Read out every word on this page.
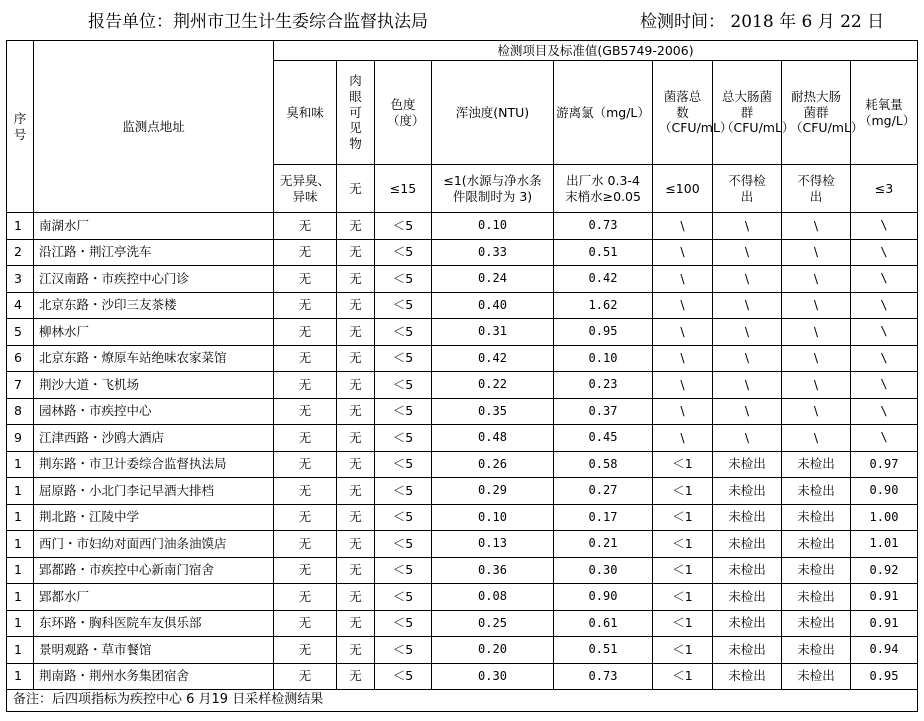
报告单位：荆州市卫生计生委综合监督执法局	检测时间： 2018 年 6 月 22 日
序号	监测点地址	检测项目及标准值(GB5749-2006)								
		臭和味	肉眼可见物	色度（度）	浑浊度(NTU)	游离氯（mg/L）	菌落总数（CFU/mL）	总大肠菌群（CFU/mL）	耐热大肠菌群（CFU/mL）	耗氧量（mg/L）
		无异臭、异味	无	≤15	≤1(水源与净水条件限制时为 3)	出厂水 0.3-4 末梢水≥0.05	≤100	不得检出	不得检出	≤3
1	南湖水厂	无	无	＜5	0.10	0.73	\	\	\	\
2	沿江路・荆江亭洗车	无	无	＜5	0.33	0.51	\	\	\	\
3	江汉南路・市疾控中心门诊	无	无	＜5	0.24	0.42	\	\	\	\
4	北京东路・沙印三友茶楼	无	无	＜5	0.40	1.62	\	\	\	\
5	柳林水厂	无	无	＜5	0.31	0.95	\	\	\	\
6	北京东路・燎原车站绝味农家菜馆	无	无	＜5	0.42	0.10	\	\	\	\
7	荆沙大道・飞机场	无	无	＜5	0.22	0.23	\	\	\	\
8	园林路・市疾控中心	无	无	＜5	0.35	0.37	\	\	\	\
9	江津西路・沙鸥大酒店	无	无	＜5	0.48	0.45	\	\	\	\
1	荆东路・市卫计委综合监督执法局	无	无	＜5	0.26	0.58	＜1	未检出	未检出	0.97
1	屈原路・小北门李记早酒大排档	无	无	＜5	0.29	0.27	＜1	未检出	未检出	0.90
1	荆北路・江陵中学	无	无	＜5	0.10	0.17	＜1	未检出	未检出	1.00
1	西门・市妇幼对面西门油条油馍店	无	无	＜5	0.13	0.21	＜1	未检出	未检出	1.01
1	郢都路・市疾控中心新南门宿舍	无	无	＜5	0.36	0.30	＜1	未检出	未检出	0.92
1	郢都水厂	无	无	＜5	0.08	0.90	＜1	未检出	未检出	0.91
1	东环路・胸科医院车友俱乐部	无	无	＜5	0.25	0.61	＜1	未检出	未检出	0.91
1	景明观路・草市餐馆	无	无	＜5	0.20	0.51	＜1	未检出	未检出	0.94
1	荆南路・荆州水务集团宿舍	无	无	＜5	0.30	0.73	＜1	未检出	未检出	0.95
备注：后四项指标为疾控中心 6 月19 日采样检测结果										
